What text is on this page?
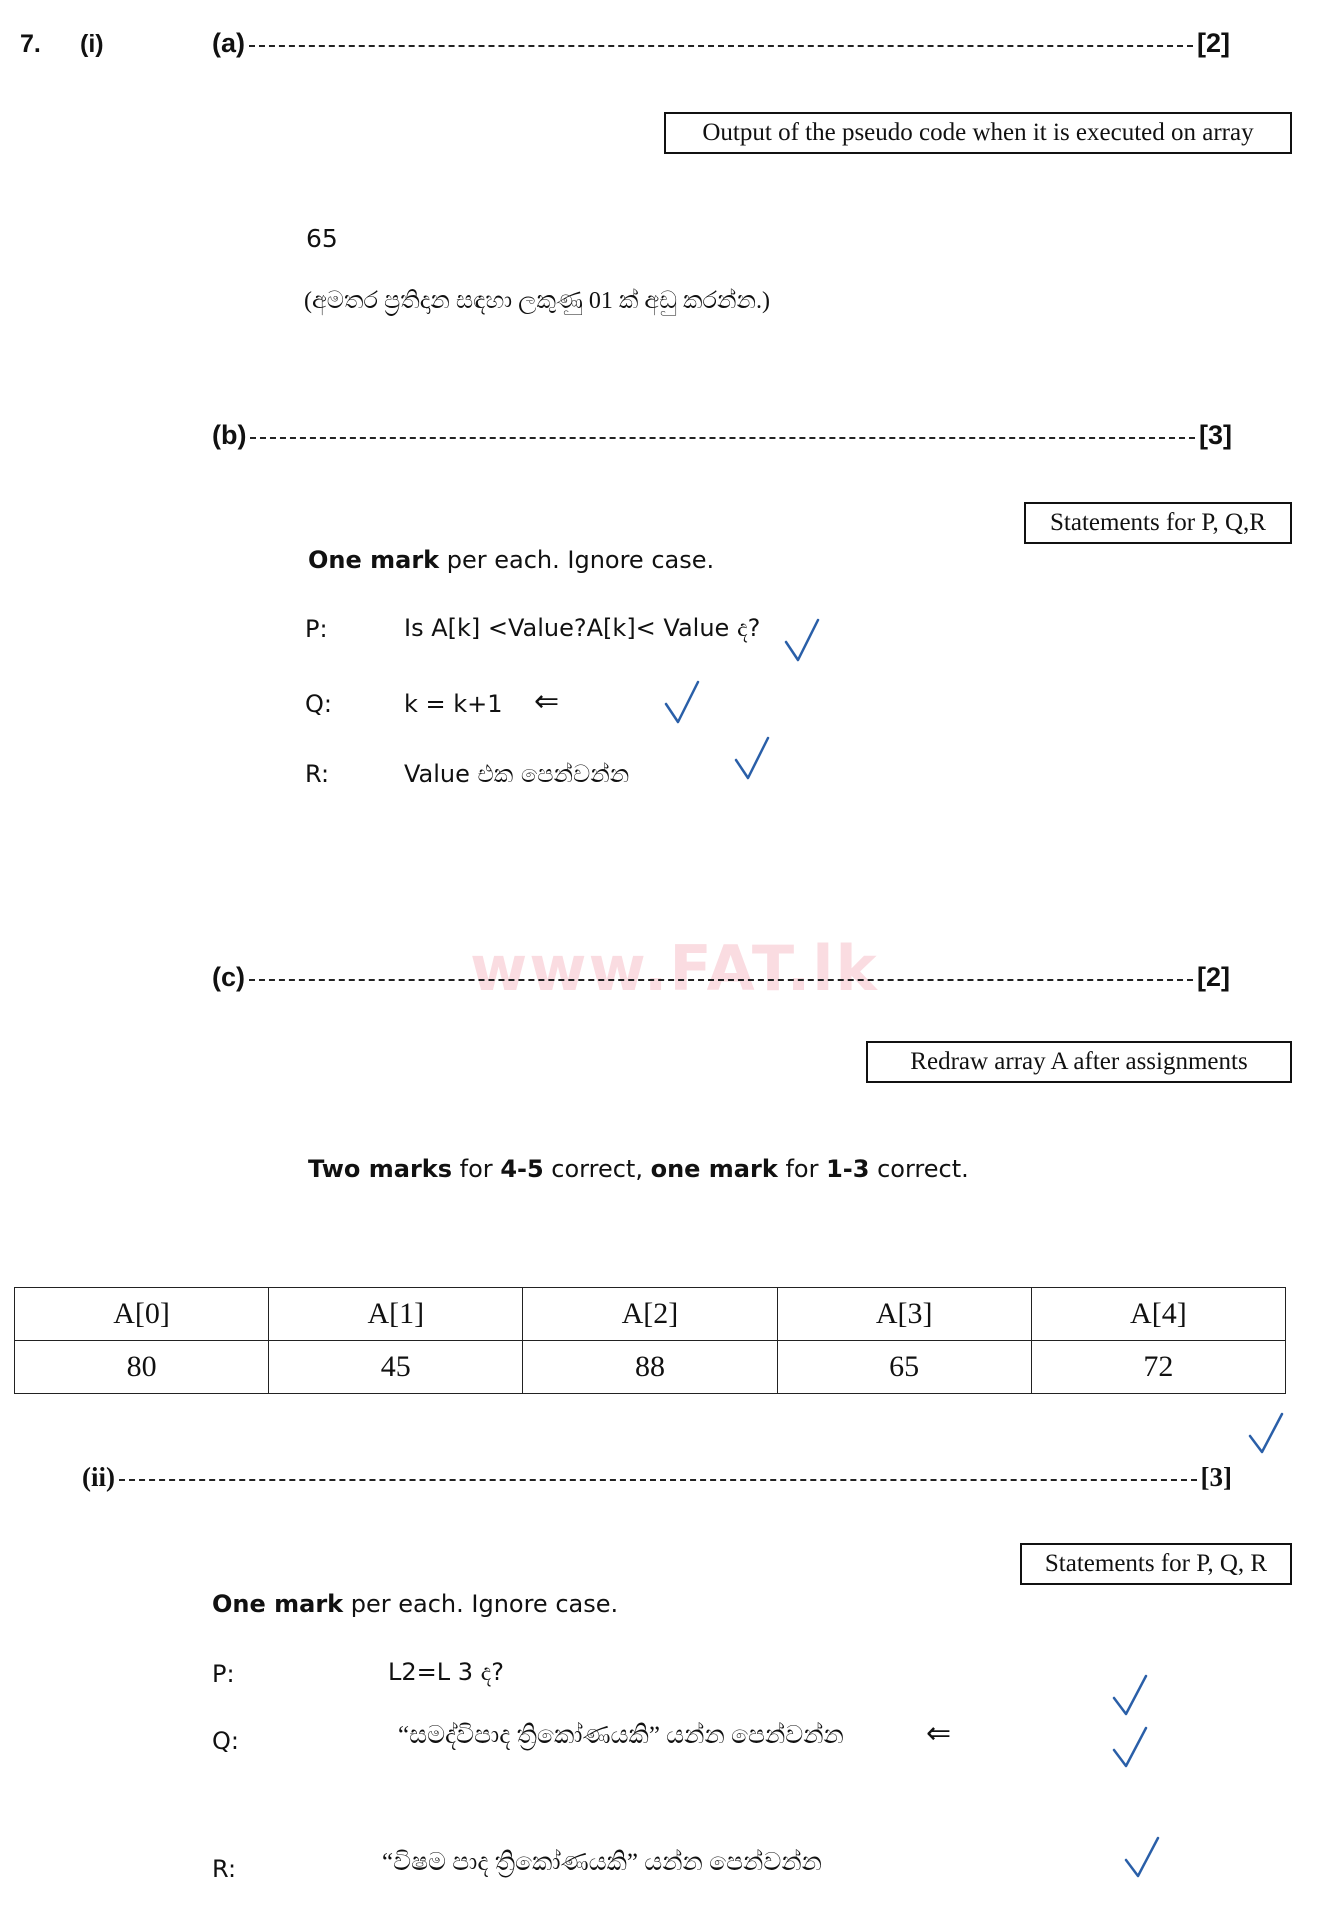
7. (i)	(a)	[2]
Output of the pseudo code when it is executed on array
65
(අමතර ප්‍රතිදාන සඳහා ලකුණු 01 ක් අඩු කරන්න.)
(b)	[3]
Statements for P, Q,R
One mark per each. Ignore case.
P:	Is A[k] <Value?A[k]< Value ද?
Q:	k = k+1 ⇐
R:	Value එක පෙන්වන්න
www.FAT.lk
(c)	[2]
Redraw array A after assignments
Two marks for 4-5 correct, one mark for 1-3 correct.
A[0]	A[1]	A[2]	A[3]	A[4]
80	45	88	65	72
(ii)	[3]
Statements for P, Q, R
One mark per each. Ignore case.
P:	L2=L 3 ද?
Q:	“සමද්විපාද ත්‍රිකෝණයකි” යන්න පෙන්වන්න	⇐
R:	“විෂම පාද ත්‍රිකෝණයකි” යන්න පෙන්වන්න
